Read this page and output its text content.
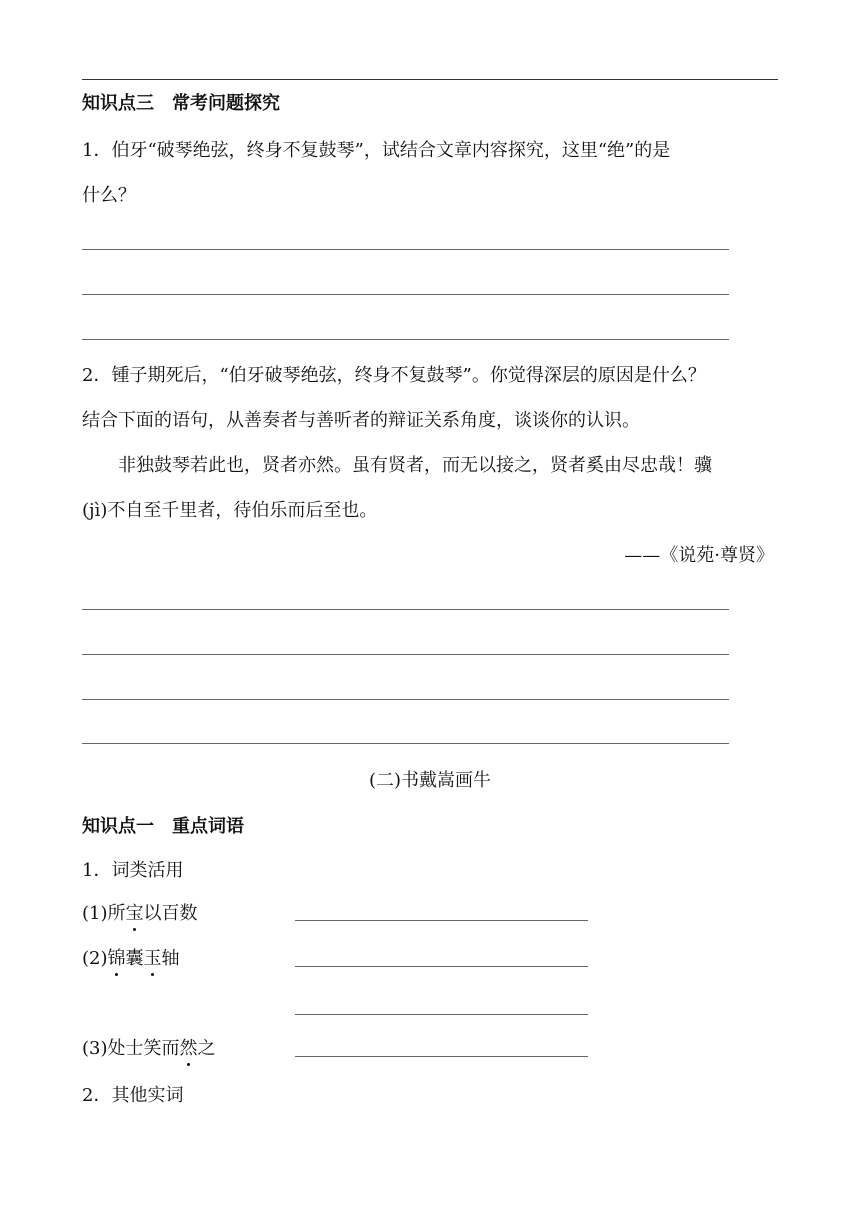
知识点三　常考问题探究
1．伯牙“破琴绝弦，终身不复鼓琴”，试结合文章内容探究，这里“绝”的是
什么？
2．锺子期死后，“伯牙破琴绝弦，终身不复鼓琴”。你觉得深层的原因是什么？
结合下面的语句，从善奏者与善听者的辩证关系角度，谈谈你的认识。
非独鼓琴若此也，贤者亦然。虽有贤者，而无以接之，贤者奚由尽忠哉！骥
(jì)不自至千里者，待伯乐而后至也。
——《说苑·尊贤》
(二)书戴嵩画牛
知识点一　重点词语
1．词类活用
(1)所宝以百数
(2)锦囊玉轴
(3)处士笑而然之
2．其他实词
